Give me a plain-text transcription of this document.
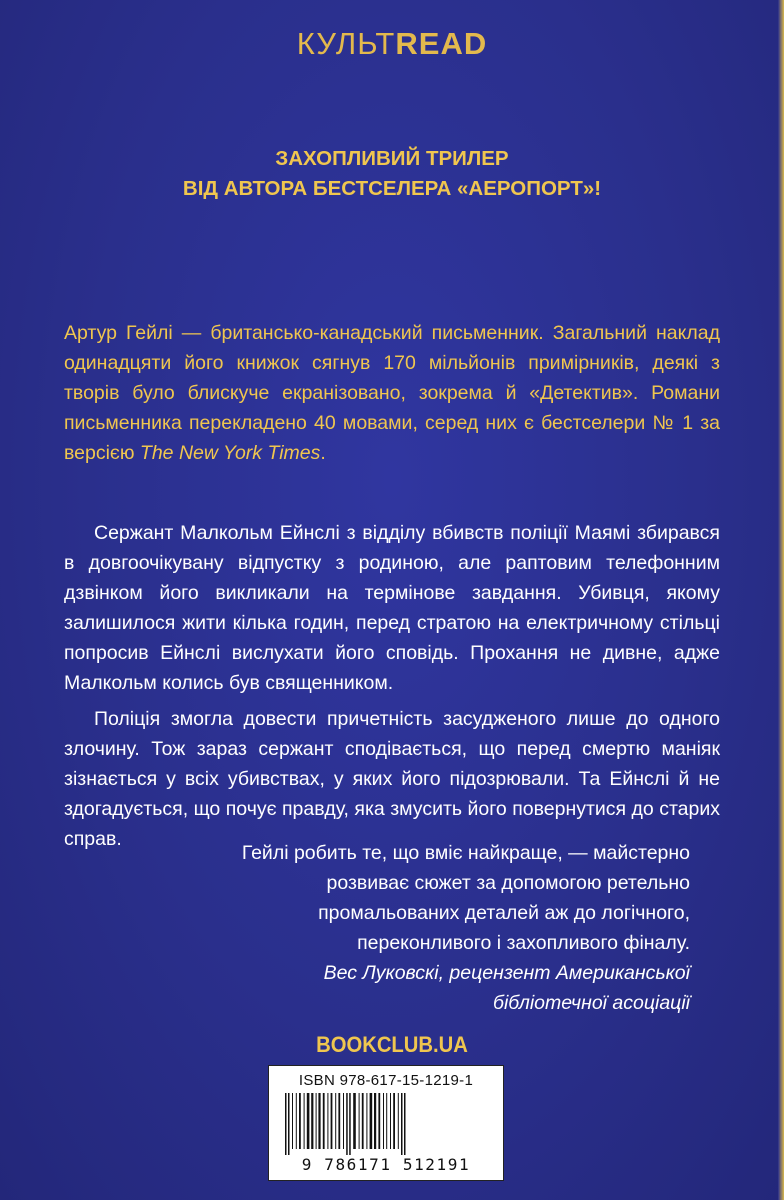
КУЛЬТREAD
ЗАХОПЛИВИЙ ТРИЛЕР
ВІД АВТОРА БЕСТСЕЛЕРА «АЕРОПОРТ»!
Артур Гейлі — британсько-канадський письменник. Загальний наклад одинадцяти його книжок сягнув 170 мільйонів примірників, деякі з творів було блискуче екранізовано, зокрема й «Детектив». Романи письменника перекладено 40 мовами, серед них є бестселери № 1 за версією The New York Times.

Сержант Малкольм Ейнслі з відділу вбивств поліції Маямі збирався в довгоочікувану відпустку з родиною, але раптовим телефонним дзвінком його викликали на термінове завдання. Убивця, якому залишилося жити кілька годин, перед стратою на електричному стільці попросив Ейнслі вислухати його сповідь. Прохання не дивне, адже Малкольм колись був священником.

Поліція змогла довести причетність засудженого лише до одного злочину. Тож зараз сержант сподівається, що перед смертю маніяк зізнається у всіх убивствах, у яких його підозрювали. Та Ейнслі й не здогадується, що почує правду, яка змусить його повернутися до старих справ.

Гейлі робить те, що вміє найкраще, — майстерно
розвиває сюжет за допомогою ретельно
промальованих деталей аж до логічного,
переконливого і захопливого фіналу.
Вес Луковскі, рецензент Американської
бібліотечної асоціації
BOOKCLUB.UA
ISBN 978-617-15-1219-1
9 786171 512191
